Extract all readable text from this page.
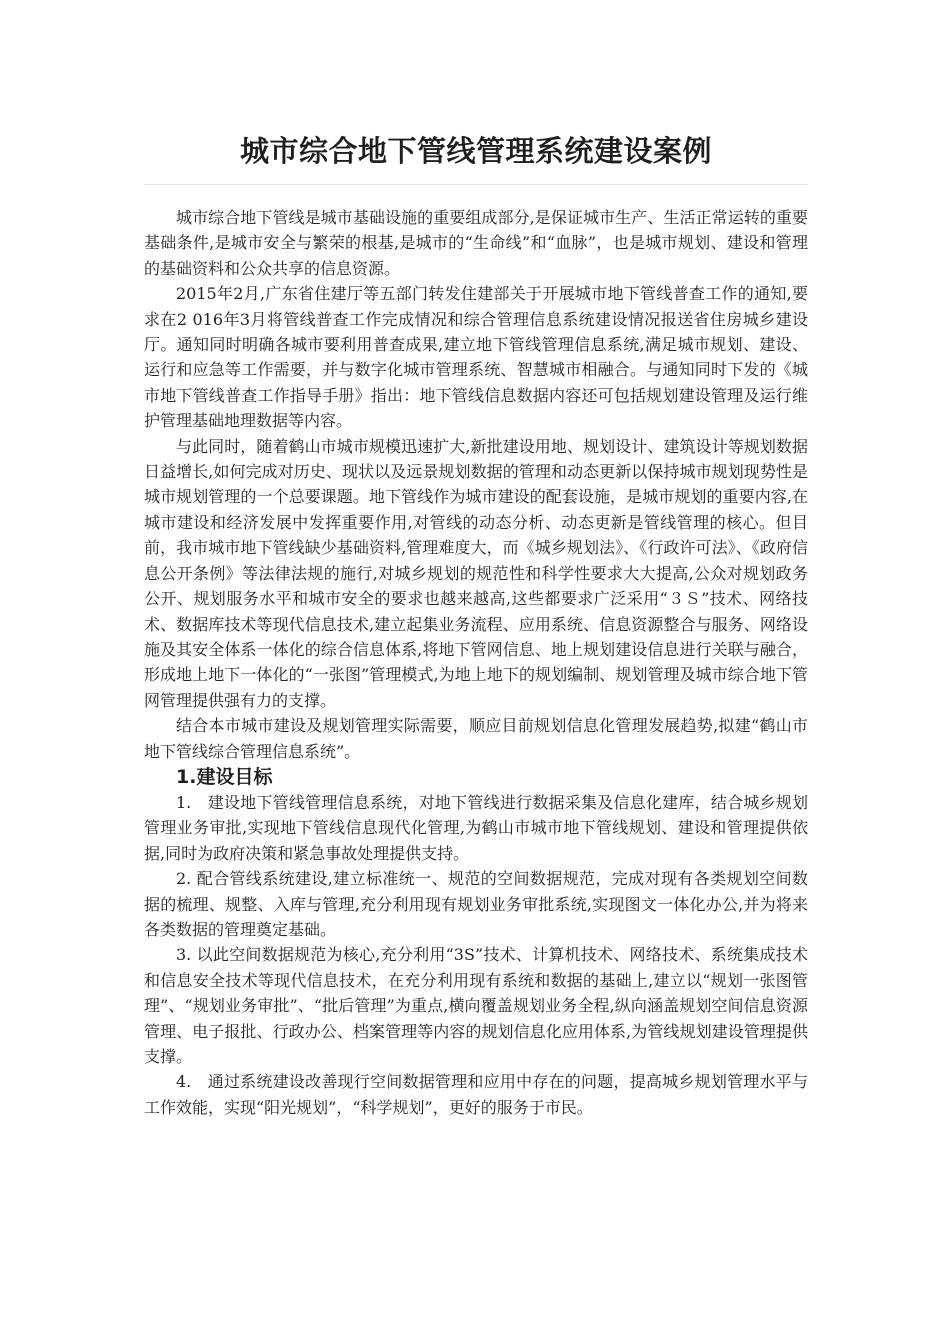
城市综合地下管线管理系统建设案例

城市综合地下管线是城市基础设施的重要组成部分,是保证城市生产、生活正常运转的重要基础条件,是城市安全与繁荣的根基,是城市的“生命线”和“血脉”，也是城市规划、建设和管理的基础资料和公众共享的信息资源。

2015年2月,广东省住建厅等五部门转发住建部关于开展城市地下管线普查工作的通知,要求在2 016年3月将管线普查工作完成情况和综合管理信息系统建设情况报送省住房城乡建设厅。通知同时明确各城市要利用普查成果,建立地下管线管理信息系统,满足城市规划、建设、运行和应急等工作需要，并与数字化城市管理系统、智慧城市相融合。与通知同时下发的《城市地下管线普查工作指导手册》指出：地下管线信息数据内容还可包括规划建设管理及运行维护管理基础地理数据等内容。

与此同时，随着鹤山市城市规模迅速扩大,新批建设用地、规划设计、建筑设计等规划数据日益增长,如何完成对历史、现状以及远景规划数据的管理和动态更新以保持城市规划现势性是城市规划管理的一个总要课题。地下管线作为城市建设的配套设施，是城市规划的重要内容,在城市建设和经济发展中发挥重要作用,对管线的动态分析、动态更新是管线管理的核心。但目前，我市城市地下管线缺少基础资料,管理难度大，而《城乡规划法》、《行政许可法》、《政府信息公开条例》等法律法规的施行,对城乡规划的规范性和科学性要求大大提高,公众对规划政务公开、规划服务水平和城市安全的要求也越来越高,这些都要求广泛采用“３Ｓ”技术、网络技术、数据库技术等现代信息技术,建立起集业务流程、应用系统、信息资源整合与服务、网络设施及其安全体系一体化的综合信息体系,将地下管网信息、地上规划建设信息进行关联与融合，形成地上地下一体化的“一张图”管理模式,为地上地下的规划编制、规划管理及城市综合地下管网管理提供强有力的支撑。

结合本市城市建设及规划管理实际需要，顺应目前规划信息化管理发展趋势,拟建“鹤山市地下管线综合管理信息系统”。

1.建设目标

1.　建设地下管线管理信息系统，对地下管线进行数据采集及信息化建库，结合城乡规划管理业务审批,实现地下管线信息现代化管理,为鹤山市城市地下管线规划、建设和管理提供依据,同时为政府决策和紧急事故处理提供支持。

2. 配合管线系统建设,建立标准统一、规范的空间数据规范，完成对现有各类规划空间数据的梳理、规整、入库与管理,充分利用现有规划业务审批系统,实现图文一体化办公,并为将来各类数据的管理奠定基础。

3. 以此空间数据规范为核心,充分利用“3S”技术、计算机技术、网络技术、系统集成技术和信息安全技术等现代信息技术，在充分利用现有系统和数据的基础上,建立以“规划一张图管理”、“规划业务审批”、“批后管理”为重点,横向覆盖规划业务全程,纵向涵盖规划空间信息资源管理、电子报批、行政办公、档案管理等内容的规划信息化应用体系,为管线规划建设管理提供支撑。

4.　通过系统建设改善现行空间数据管理和应用中存在的问题，提高城乡规划管理水平与工作效能，实现“阳光规划”，“科学规划”，更好的服务于市民。
